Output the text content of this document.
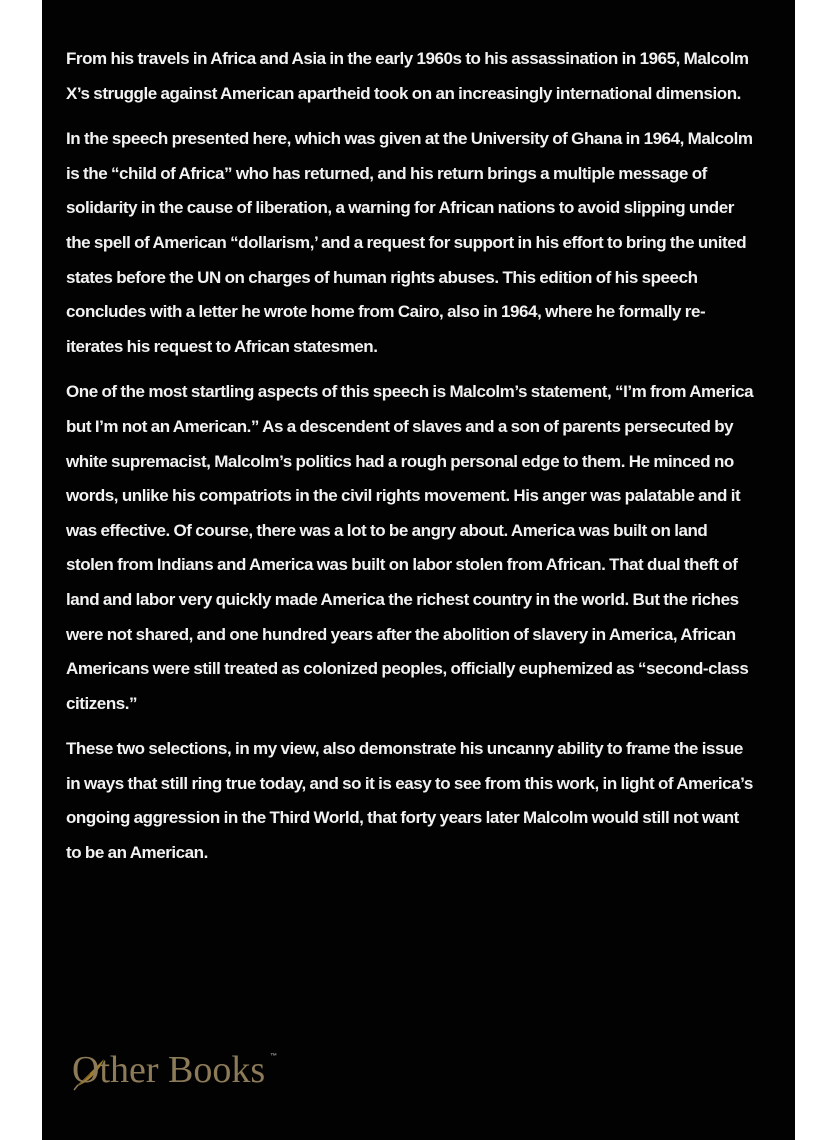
From his travels in Africa and Asia in the early 1960s to his assassination in 1965, Malcolm X’s struggle against American apartheid took on an increasingly international dimension.

In the speech presented here, which was given at the University of Ghana in 1964, Malcolm is the “child of Africa” who has returned, and his return brings a multiple message of solidarity in the cause of liberation, a warning for African nations to avoid slipping under the spell of American “dollarism,’ and a request for support in his effort to bring the united states before the UN on charges of human rights abuses. This edition of his speech concludes with a letter he wrote home from Cairo, also in 1964, where he formally re-iterates his request to African statesmen.

One of the most startling aspects of this speech is Malcolm’s statement, “I’m from America but I’m not an American.” As a descendent of slaves and a son of parents persecuted by white supremacist, Malcolm’s politics had a rough personal edge to them. He minced no words, unlike his compatriots in the civil rights movement. His anger was palatable and it was effective. Of course, there was a lot to be angry about. America was built on land stolen from Indians and America was built on labor stolen from African. That dual theft of land and labor very quickly made America the richest country in the world. But the riches were not shared, and one hundred years after the abolition of slavery in America, African Americans were still treated as colonized peoples, officially euphemized as “second-class citizens.”

These two selections, in my view, also demonstrate his uncanny ability to frame the issue in ways that still ring true today, and so it is easy to see from this work, in light of America’s ongoing aggression in the Third World, that forty years later Malcolm would still not want to be an American.

Other Books ™
